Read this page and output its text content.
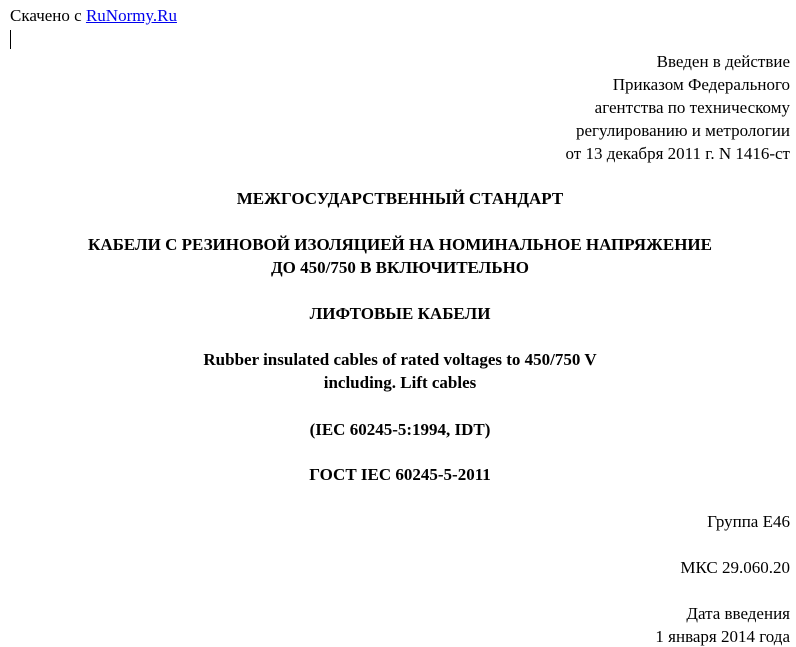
Скачено с RuNormy.Ru
Введен в действие
Приказом Федерального
агентства по техническому
регулированию и метрологии
от 13 декабря 2011 г. N 1416-ст
МЕЖГОСУДАРСТВЕННЫЙ СТАНДАРТ
КАБЕЛИ С РЕЗИНОВОЙ ИЗОЛЯЦИЕЙ НА НОМИНАЛЬНОЕ НАПРЯЖЕНИЕ
ДО 450/750 В ВКЛЮЧИТЕЛЬНО
ЛИФТОВЫЕ КАБЕЛИ
Rubber insulated cables of rated voltages to 450/750 V
including. Lift cables
(IEC 60245-5:1994, IDT)
ГОСТ IEC 60245-5-2011
Группа Е46
МКС 29.060.20
Дата введения
1 января 2014 года
